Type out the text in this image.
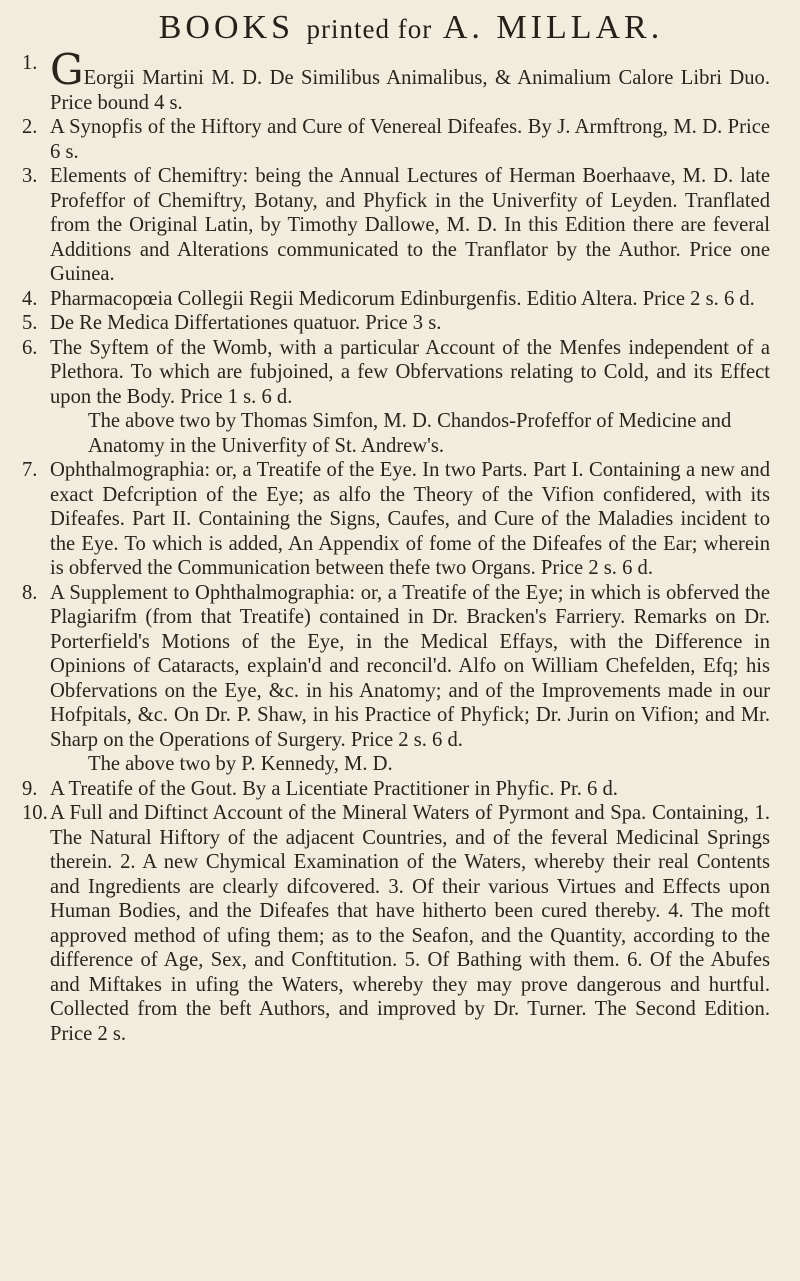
BOOKS printed for A. MILLAR.
1. GEorgii Martini M. D. De Similibus Animalibus, & Animalium Calore Libri Duo. Price bound 4 s.
2. A Synopfis of the Hiftory and Cure of Venereal Difeafes. By J. Armftrong, M. D. Price 6 s.
3. Elements of Chemiftry: being the Annual Lectures of Herman Boerhaave, M. D. late Profeffor of Chemiftry, Botany, and Phyfick in the Univerfity of Leyden. Tranflated from the Original Latin, by Timothy Dallowe, M. D. In this Edition there are feveral Additions and Alterations communicated to the Tranflator by the Author. Price one Guinea.
4. Pharmacopœia Collegii Regii Medicorum Edinburgenfis. Editio Altera. Price 2 s. 6 d.
5. De Re Medica Differtationes quatuor. Price 3 s.
6. The Syftem of the Womb, with a particular Account of the Menfes independent of a Plethora. To which are fubjoined, a few Obfervations relating to Cold, and its Effect upon the Body. Price 1 s. 6 d.
The above two by Thomas Simfon, M. D. Chandos-Profeffor of Medicine and Anatomy in the Univerfity of St. Andrew's.
7. Ophthalmographia: or, a Treatife of the Eye. In two Parts. Part I. Containing a new and exact Defcription of the Eye; as alfo the Theory of the Vifion confidered, with its Difeafes. Part II. Containing the Signs, Caufes, and Cure of the Maladies incident to the Eye. To which is added, An Appendix of fome of the Difeafes of the Ear; wherein is obferved the Communication between thefe two Organs. Price 2 s. 6 d.
8. A Supplement to Ophthalmographia: or, a Treatife of the Eye; in which is obferved the Plagiarifm (from that Treatife) contained in Dr. Bracken's Farriery. Remarks on Dr. Porterfield's Motions of the Eye, in the Medical Effays, with the Difference in Opinions of Cataracts, explain'd and reconcil'd. Alfo on William Chefelden, Efq; his Obfervations on the Eye, &c. in his Anatomy; and of the Improvements made in our Hofpitals, &c. On Dr. P. Shaw, in his Practice of Phyfick; Dr. Jurin on Vifion; and Mr. Sharp on the Operations of Surgery. Price 2 s. 6 d.
The above two by P. Kennedy, M. D.
9. A Treatife of the Gout. By a Licentiate Practitioner in Phyfic. Pr. 6 d.
10. A Full and Diftinct Account of the Mineral Waters of Pyrmont and Spa. Containing, 1. The Natural Hiftory of the adjacent Countries, and of the feveral Medicinal Springs therein. 2. A new Chymical Examination of the Waters, whereby their real Contents and Ingredients are clearly difcovered. 3. Of their various Virtues and Effects upon Human Bodies, and the Difeafes that have hitherto been cured thereby. 4. The moft approved method of ufing them; as to the Seafon, and the Quantity, according to the difference of Age, Sex, and Conftitution. 5. Of Bathing with them. 6. Of the Abufes and Miftakes in ufing the Waters, whereby they may prove dangerous and hurtful. Collected from the beft Authors, and improved by Dr. Turner. The Second Edition. Price 2 s.
